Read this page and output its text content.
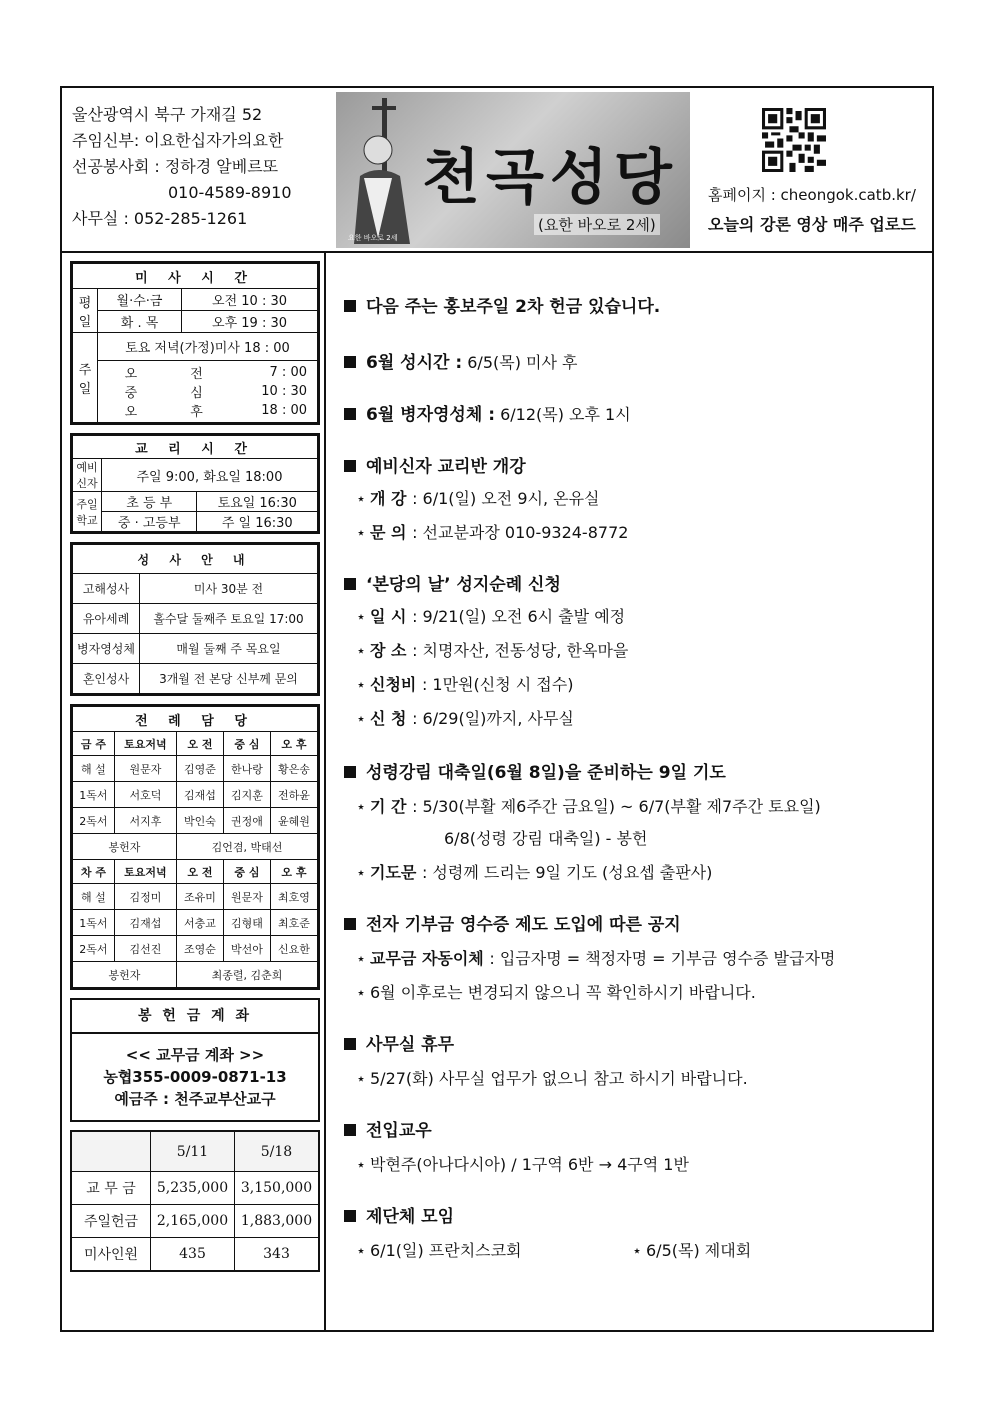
울산광역시 북구 가재길 52
주임신부: 이요한십자가의요한
선공봉사회 : 정하경 알베르또
010-4589-8910
사무실 : 052-285-1261
요한 바오로 2세
천곡성당
(요한 바오로 2세)
홈페이지 : cheongok.catb.kr/
오늘의 강론 영상 매주 업로드
미 사 시 간
평일	월·수·금	오전 10 : 30
화 . 목	오후 19 : 30
주일	토요 저녁(가정)미사 18 : 00

오	전	7 : 00
중	심	10 : 30
오	후	18 : 00
교 리 시 간		
예비신자	주일 9:00, 화요일 18:00	
주일학교	초 등 부	토요일 16:30
	중 · 고등부	주 일 16:30
성 사 안 내	
고해성사	미사 30분 전
유아세례	홀수달 둘째주 토요일 17:00
병자영성체	매월 둘째 주 목요일
혼인성사	3개월 전 본당 신부께 문의
전 례 담 당				
금 주	토요저녁	오 전	중 심	오 후
해 설	원문자	김영준	한나랑	황은송
1독서	서호덕	김재섭	김지훈	전하윤
2독서	서지후	박인숙	권정애	윤혜원
봉헌자		김언겸, 박태선		
차 주	토요저녁	오 전	중 심	오 후
해 설	김정미	조유미	원문자	최호영
1독서	김재섭	서충교	김형태	최호준
2독서	김선진	조영순	박선아	신요한
봉헌자		최종렬, 김춘희		
봉 헌 금 계 좌
<< 교무금 계좌 >>
농협355-0009-0871-13
예금주 : 천주교부산교구
	5/11	5/18
교 무 금	5,235,000	3,150,000
주일헌금	2,165,000	1,883,000
미사인원	435	343
다음 주는 홍보주일 2차 헌금 있습니다.
6월 성시간 : 6/5(목) 미사 후
6월 병자영성체 : 6/12(목) 오후 1시
예비신자 교리반 개강
⋆ 개 강 : 6/1(일) 오전 9시, 온유실
⋆ 문 의 : 선교분과장 010-9324-8772
‘본당의 날’ 성지순례 신청
⋆ 일 시 : 9/21(일) 오전 6시 출발 예정
⋆ 장 소 : 치명자산, 전동성당, 한옥마을
⋆ 신청비 : 1만원(신청 시 접수)
⋆ 신 청 : 6/29(일)까지, 사무실
성령강림 대축일(6월 8일)을 준비하는 9일 기도
⋆ 기 간 : 5/30(부활 제6주간 금요일) ~ 6/7(부활 제7주간 토요일)
6/8(성령 강림 대축일) - 봉헌
⋆ 기도문 : 성령께 드리는 9일 기도 (성요셉 출판사)
전자 기부금 영수증 제도 도입에 따른 공지
⋆ 교무금 자동이체 : 입금자명 = 책정자명 = 기부금 영수증 발급자명
⋆ 6월 이후로는 변경되지 않으니 꼭 확인하시기 바랍니다.
사무실 휴무
⋆ 5/27(화) 사무실 업무가 없으니 참고 하시기 바랍니다.
전입교우
⋆ 박현주(아나다시아) / 1구역 6반 → 4구역 1반
제단체 모임
⋆ 6/1(일) 프란치스코회	⋆ 6/5(목) 제대회
